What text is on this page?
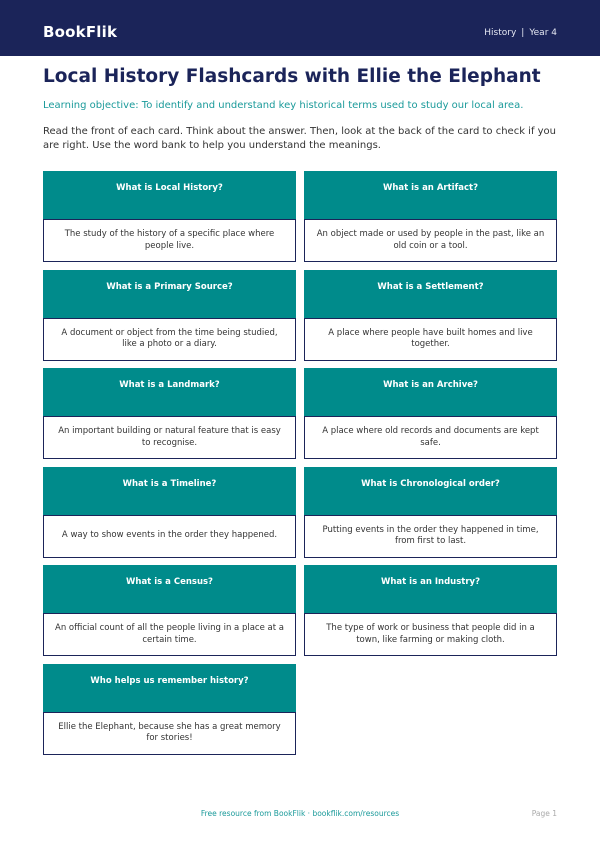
BookFlik	History | Year 4
Local History Flashcards with Ellie the Elephant
Learning objective: To identify and understand key historical terms used to study our local area.

Read the front of each card. Think about the answer. Then, look at the back of the card to check if you are right. Use the word bank to help you understand the meanings.

What is Local History?
The study of the history of a specific place where people live.
What is an Artifact?
An object made or used by people in the past, like an old coin or a tool.
What is a Primary Source?
A document or object from the time being studied, like a photo or a diary.
What is a Settlement?
A place where people have built homes and live together.
What is a Landmark?
An important building or natural feature that is easy to recognise.
What is an Archive?
A place where old records and documents are kept safe.
What is a Timeline?
A way to show events in the order they happened.
What is Chronological order?
Putting events in the order they happened in time, from first to last.
What is a Census?
An official count of all the people living in a place at a certain time.
What is an Industry?
The type of work or business that people did in a town, like farming or making cloth.
Who helps us remember history?
Ellie the Elephant, because she has a great memory for stories!
Free resource from BookFlik · bookflik.com/resources	Page 1
